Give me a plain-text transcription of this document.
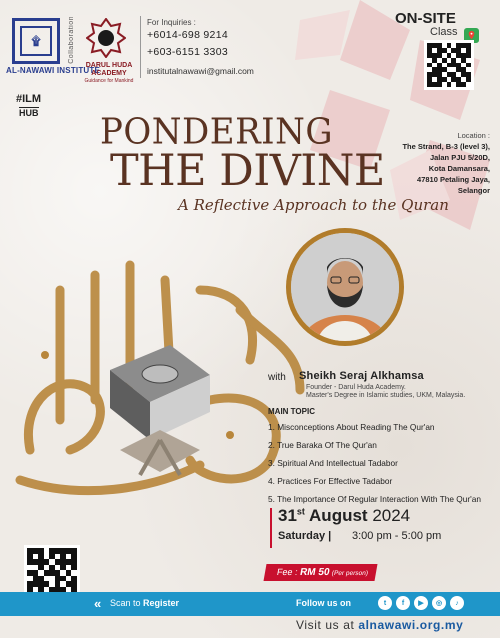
۩
AL-NAWAWI INSTITUTE
Collaboration
DARUL HUDA
ACADEMY
Guidance for Mankind
For Inquiries :
+6014-698 9214
+603-6151 3303
institutalnawawi@gmail.com
#ILM
HUB
ON-SITE
Class
Location :
The Strand, B-3 (level 3),
Jalan PJU 5/20D,
Kota Damansara,
47810 Petaling Jaya,
Selangor
PONDERING
THE DIVINE
A Reflective Approach to the Quran
with Sheikh Seraj Alkhamsa
Founder - Darul Huda Academy.
Master's Degree in Islamic studies, UKM, Malaysia.
MAIN TOPIC
1. Misconceptions About Reading The Qur'an
2. True Baraka Of The Qur'an
3. Spiritual And Intellectual Tadabor
4. Practices For Effective Tadabor
5. The Importance Of Regular Interaction With The Qur'an
31st August 2024
Saturday | 3:00 pm - 5:00 pm
Fee : RM 50 (Per person)
« Scan to Register	Follow us on	t	f	▶	◎	♪
Visit us at alnawawi.org.my
